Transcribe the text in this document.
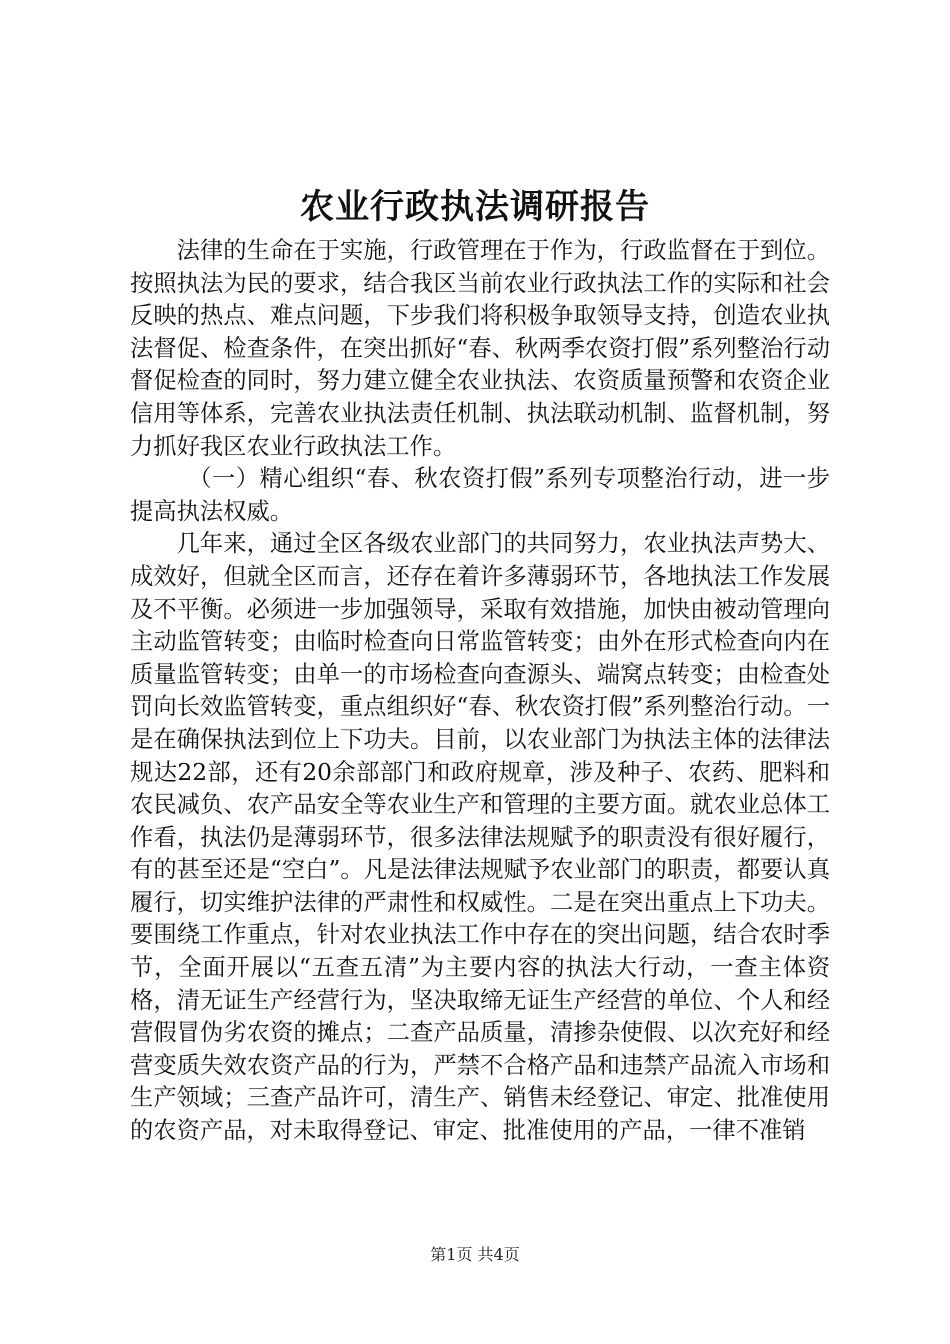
农业行政执法调研报告

法律的生命在于实施，行政管理在于作为，行政监督在于到位。按照执法为民的要求，结合我区当前农业行政执法工作的实际和社会反映的热点、难点问题，下步我们将积极争取领导支持，创造农业执法督促、检查条件，在突出抓好“春、秋两季农资打假”系列整治行动督促检查的同时，努力建立健全农业执法、农资质量预警和农资企业信用等体系，完善农业执法责任机制、执法联动机制、监督机制，努力抓好我区农业行政执法工作。

（一）精心组织“春、秋农资打假”系列专项整治行动，进一步提高执法权威。

几年来，通过全区各级农业部门的共同努力，农业执法声势大、成效好，但就全区而言，还存在着许多薄弱环节，各地执法工作发展及不平衡。必须进一步加强领导，采取有效措施，加快由被动管理向主动监管转变；由临时检查向日常监管转变；由外在形式检查向内在质量监管转变；由单一的市场检查向查源头、端窝点转变；由检查处罚向长效监管转变，重点组织好“春、秋农资打假”系列整治行动。一是在确保执法到位上下功夫。目前，以农业部门为执法主体的法律法规达22部，还有20余部部门和政府规章，涉及种子、农药、肥料和农民减负、农产品安全等农业生产和管理的主要方面。就农业总体工作看，执法仍是薄弱环节，很多法律法规赋予的职责没有很好履行，有的甚至还是“空白”。凡是法律法规赋予农业部门的职责，都要认真履行，切实维护法律的严肃性和权威性。二是在突出重点上下功夫。要围绕工作重点，针对农业执法工作中存在的突出问题，结合农时季节，全面开展以“五查五清”为主要内容的执法大行动，一查主体资格，清无证生产经营行为，坚决取缔无证生产经营的单位、个人和经营假冒伪劣农资的摊点；二查产品质量，清掺杂使假、以次充好和经营变质失效农资产品的行为，严禁不合格产品和违禁产品流入市场和生产领域；三查产品许可，清生产、销售未经登记、审定、批准使用的农资产品，对未取得登记、审定、批准使用的产品，一律不准销

第1页 共4页
